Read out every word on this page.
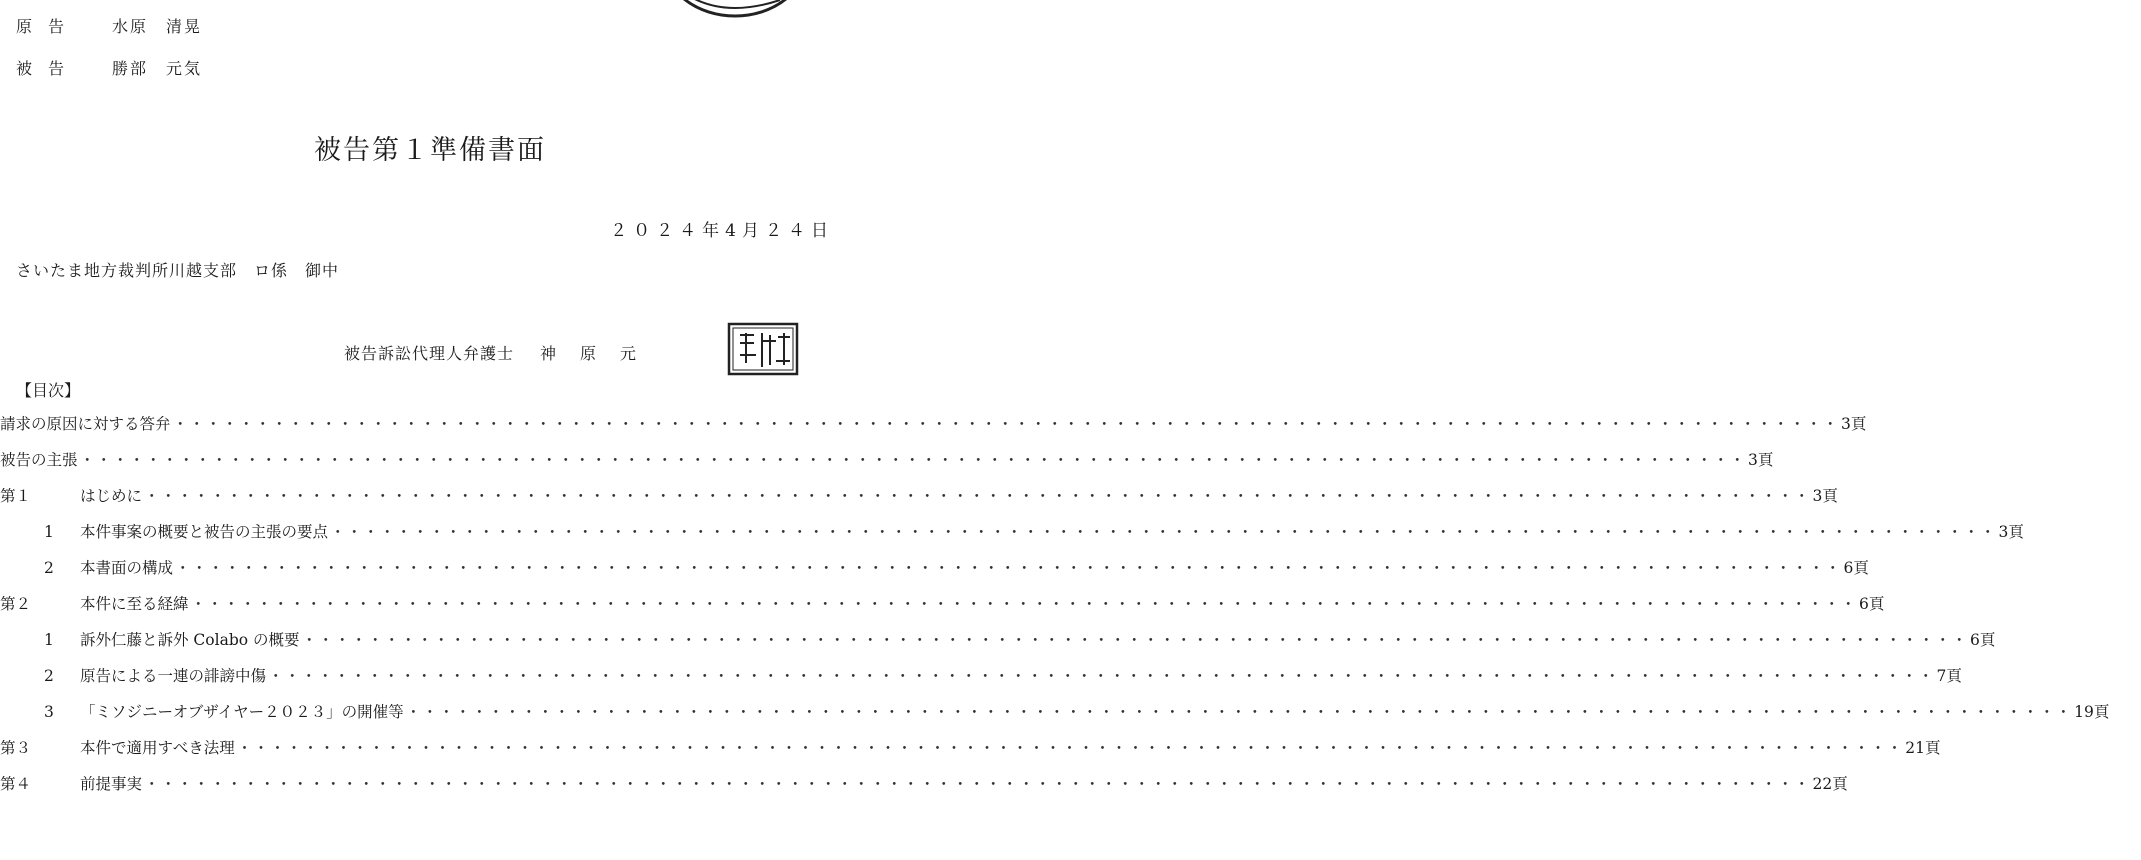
原告 水原　清晃
被告 勝部　元気
被告第１準備書面
２０２４年4月２４日
さいたま地方裁判所川越支部　ロ係　御中
被告訴訟代理人弁護士 神原元
【目次】
請求の原因に対する答弁 ・・・・・・・・・・・・・・・・・・・・・・・・・・・・・・・・・・・・・・・・・・・・・・・・・・・・・・・・・・・・・・・・・・・・・・・・・・・・・・・・・・・・・・・・・・・・・・・・・・・・・ 3頁
被告の主張 ・・・・・・・・・・・・・・・・・・・・・・・・・・・・・・・・・・・・・・・・・・・・・・・・・・・・・・・・・・・・・・・・・・・・・・・・・・・・・・・・・・・・・・・・・・・・・・・・・・・・・ 3頁
第１	はじめに ・・・・・・・・・・・・・・・・・・・・・・・・・・・・・・・・・・・・・・・・・・・・・・・・・・・・・・・・・・・・・・・・・・・・・・・・・・・・・・・・・・・・・・・・・・・・・・・・・・・・・ 3頁
1	本件事案の概要と被告の主張の要点 ・・・・・・・・・・・・・・・・・・・・・・・・・・・・・・・・・・・・・・・・・・・・・・・・・・・・・・・・・・・・・・・・・・・・・・・・・・・・・・・・・・・・・・・・・・・・・・・・・・・・・ 3頁
2	本書面の構成 ・・・・・・・・・・・・・・・・・・・・・・・・・・・・・・・・・・・・・・・・・・・・・・・・・・・・・・・・・・・・・・・・・・・・・・・・・・・・・・・・・・・・・・・・・・・・・・・・・・・・・ 6頁
第２	本件に至る経緯 ・・・・・・・・・・・・・・・・・・・・・・・・・・・・・・・・・・・・・・・・・・・・・・・・・・・・・・・・・・・・・・・・・・・・・・・・・・・・・・・・・・・・・・・・・・・・・・・・・・・・・ 6頁
1	訴外仁藤と訴外 Colabo の概要 ・・・・・・・・・・・・・・・・・・・・・・・・・・・・・・・・・・・・・・・・・・・・・・・・・・・・・・・・・・・・・・・・・・・・・・・・・・・・・・・・・・・・・・・・・・・・・・・・・・・・・ 6頁
2	原告による一連の誹謗中傷 ・・・・・・・・・・・・・・・・・・・・・・・・・・・・・・・・・・・・・・・・・・・・・・・・・・・・・・・・・・・・・・・・・・・・・・・・・・・・・・・・・・・・・・・・・・・・・・・・・・・・・ 7頁
3	「ミソジニーオブザイヤー２０２３」の開催等 ・・・・・・・・・・・・・・・・・・・・・・・・・・・・・・・・・・・・・・・・・・・・・・・・・・・・・・・・・・・・・・・・・・・・・・・・・・・・・・・・・・・・・・・・・・・・・・・・・・・・・ 19頁
第３	本件で適用すべき法理 ・・・・・・・・・・・・・・・・・・・・・・・・・・・・・・・・・・・・・・・・・・・・・・・・・・・・・・・・・・・・・・・・・・・・・・・・・・・・・・・・・・・・・・・・・・・・・・・・・・・・・ 21頁
第４	前提事実 ・・・・・・・・・・・・・・・・・・・・・・・・・・・・・・・・・・・・・・・・・・・・・・・・・・・・・・・・・・・・・・・・・・・・・・・・・・・・・・・・・・・・・・・・・・・・・・・・・・・・・ 22頁
